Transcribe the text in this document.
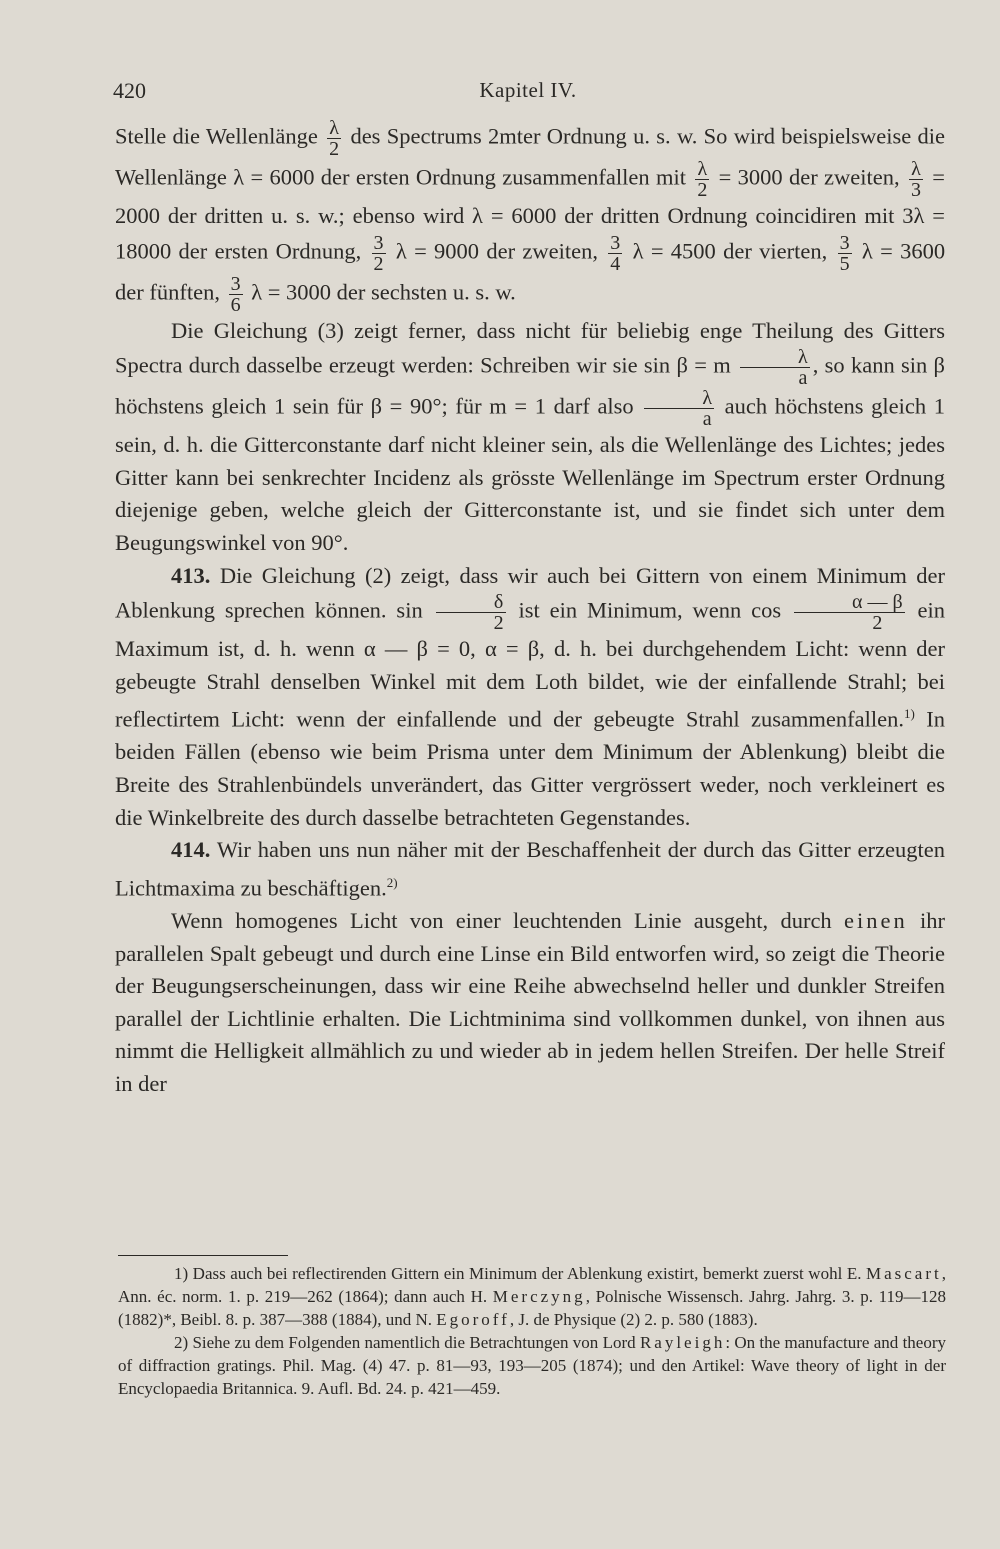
420	Kapitel IV.

Stelle die Wellenlänge $\frac{\lambda}{2}$ des Spectrums 2mter Ordnung u. s. w. So wird beispielsweise die Wellenlänge λ = 6000 der ersten Ordnung zusammenfallen mit $\frac{\lambda}{2} = 3000$ der zweiten, $\frac{\lambda}{3} = 2000$ der dritten u. s. w.; ebenso wird λ = 6000 der dritten Ordnung coincidiren mit 3λ = 18000 der ersten Ordnung, $\frac{3}{2}$ λ = 9000 der zweiten, $\frac{3}{4}$ λ = 4500 der vierten, $\frac{3}{5}$ λ = 3600 der fünften, $\frac{3}{6}$ λ = 3000 der sechsten u. s. w.

Die Gleichung (3) zeigt ferner, dass nicht für beliebig enge Theilung des Gitters Spectra durch dasselbe erzeugt werden: Schreiben wir sie sin β = m $\frac{\lambda}{a}$ , so kann sin β höchstens gleich 1 sein für β = 90°; für m = 1 darf also $\frac{\lambda}{a}$ auch höchstens gleich 1 sein, d. h. die Gitterconstante darf nicht kleiner sein, als die Wellenlänge des Lichtes; jedes Gitter kann bei senkrechter Incidenz als grösste Wellenlänge im Spectrum erster Ordnung diejenige geben, welche gleich der Gitterconstante ist, und sie findet sich unter dem Beugungswinkel von 90°.

413. Die Gleichung (2) zeigt, dass wir auch bei Gittern von einem Minimum der Ablenkung sprechen können. $\sin \frac{\delta}{2}$ ist ein Minimum, wenn $\cos \frac{\alpha — \beta}{2}$ ein Maximum ist, d. h. wenn α — β = 0, α = β, d. h. bei durchgehendem Licht: wenn der gebeugte Strahl denselben Winkel mit dem Loth bildet, wie der einfallende Strahl; bei reflectirtem Licht: wenn der einfallende und der gebeugte Strahl zusammenfallen.$^{1)}$ In beiden Fällen (ebenso wie beim Prisma unter dem Minimum der Ablenkung) bleibt die Breite des Strahlenbündels unverändert, das Gitter vergrössert weder, noch verkleinert es die Winkelbreite des durch dasselbe betrachteten Gegenstandes.

414. Wir haben uns nun näher mit der Beschaffenheit der durch das Gitter erzeugten Lichtmaxima zu beschäftigen.$^{2)}$

Wenn homogenes Licht von einer leuchtenden Linie ausgeht, durch einen ihr parallelen Spalt gebeugt und durch eine Linse ein Bild entworfen wird, so zeigt die Theorie der Beugungserscheinungen, dass wir eine Reihe abwechselnd heller und dunkler Streifen parallel der Lichtlinie erhalten. Die Lichtminima sind vollkommen dunkel, von ihnen aus nimmt die Helligkeit allmählich zu und wieder ab in jedem hellen Streifen. Der helle Streif in der

1) Dass auch bei reflectirenden Gittern ein Minimum der Ablenkung existirt, bemerkt zuerst wohl E. Mascart, Ann. éc. norm. 1. p. 219—262 (1864); dann auch H. Merczyng, Polnische Wissensch. Jahrg. Jahrg. 3. p. 119—128 (1882)*, Beibl. 8. p. 387—388 (1884), und N. Egoroff, J. de Physique (2) 2. p. 580 (1883).

2) Siehe zu dem Folgenden namentlich die Betrachtungen von Lord Rayleigh: On the manufacture and theory of diffraction gratings. Phil. Mag. (4) 47. p. 81—93, 193—205 (1874); und den Artikel: Wave theory of light in der Encyclopaedia Britannica. 9. Aufl. Bd. 24. p. 421—459.
